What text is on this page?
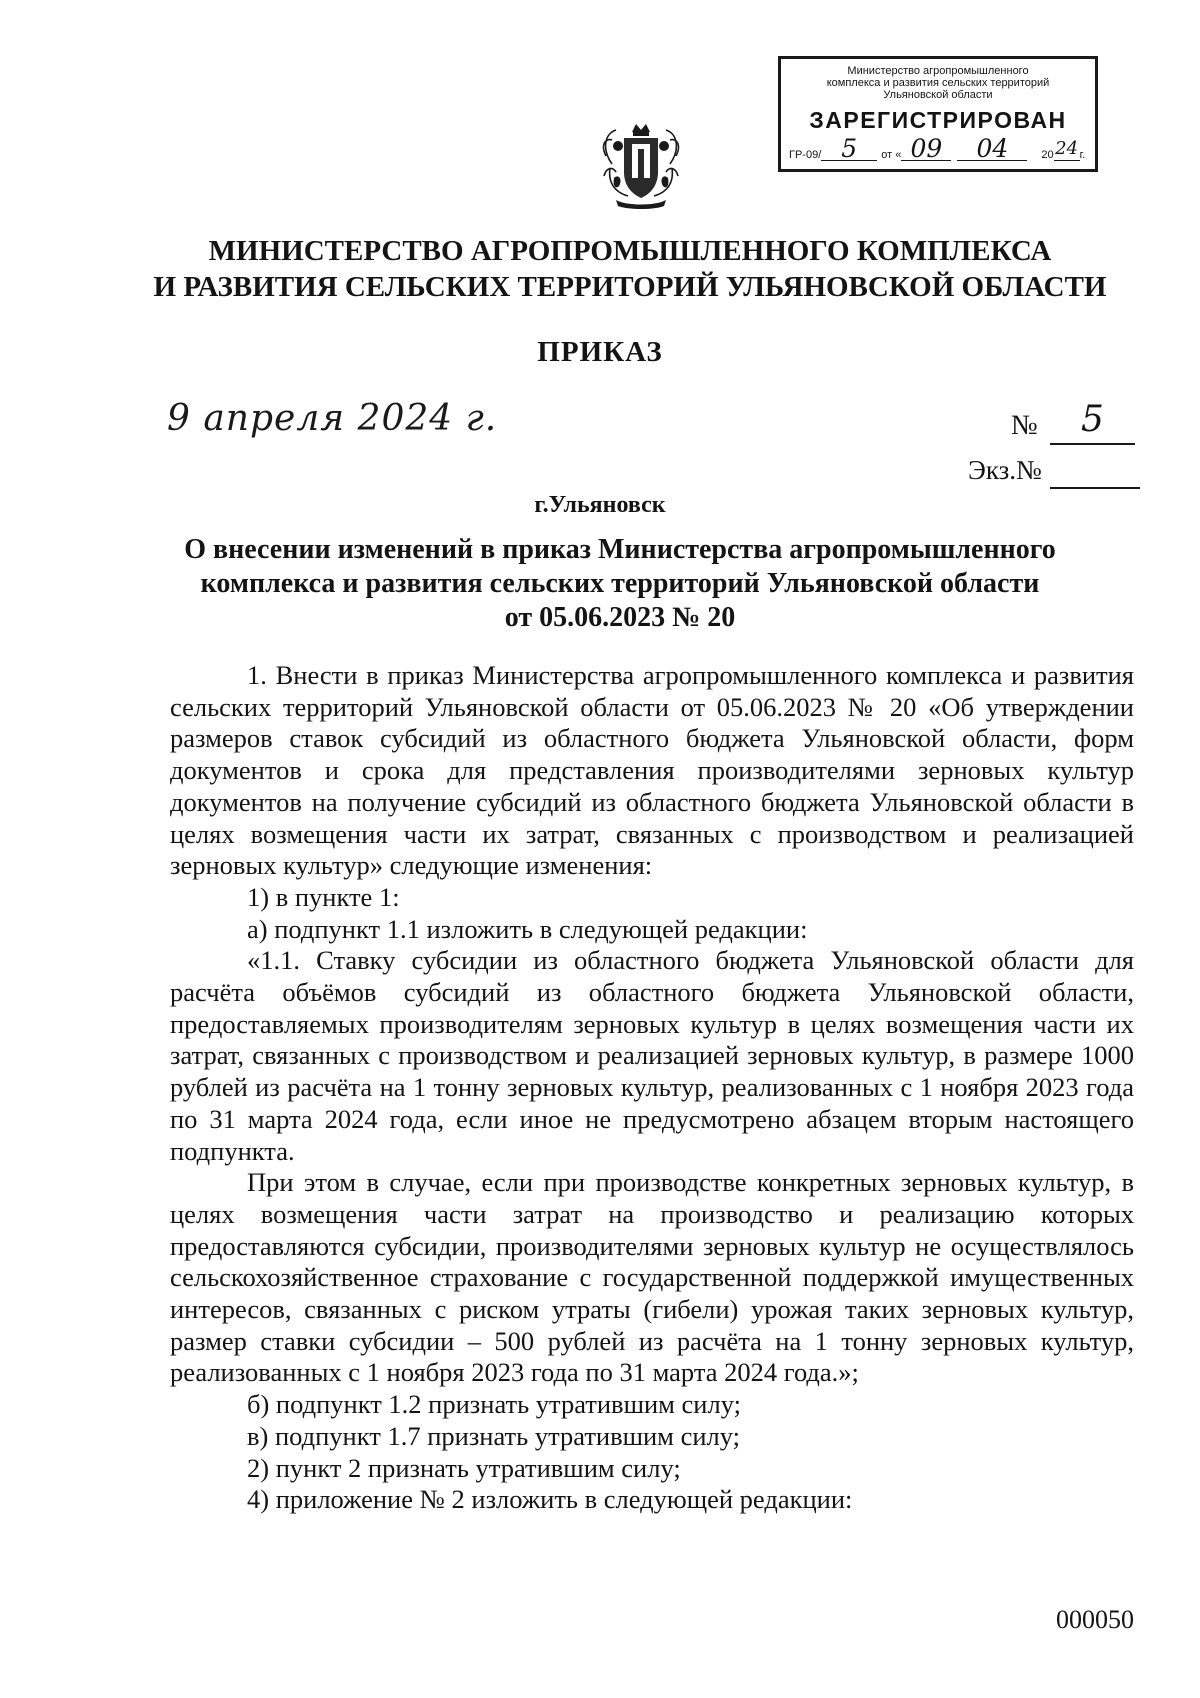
Министерство агропромышленного
комплекса и развития сельских территорий
Ульяновской области
ЗАРЕГИСТРИРОВАН
ГР-09/ 5	от « 09	04	20 24 г.
МИНИСТЕРСТВО АГРОПРОМЫШЛЕННОГО КОМПЛЕКСА
И РАЗВИТИЯ СЕЛЬСКИХ ТЕРРИТОРИЙ УЛЬЯНОВСКОЙ ОБЛАСТИ
ПРИКАЗ
9 апреля 2024 г.	№	5
Экз.№
г.Ульяновск
О внесении изменений в приказ Министерства агропромышленного
комплекса и развития сельских территорий Ульяновской области
от 05.06.2023 № 20

1. Внести в приказ Министерства агропромышленного комплекса и развития сельских территорий Ульяновской области от 05.06.2023 № 20 «Об утверждении размеров ставок субсидий из областного бюджета Ульяновской области, форм документов и срока для представления производителями зерновых культур документов на получение субсидий из областного бюджета Ульяновской области в целях возмещения части их затрат, связанных с производством и реализацией зерновых культур» следующие изменения:

1) в пункте 1:

а) подпункт 1.1 изложить в следующей редакции:

«1.1. Ставку субсидии из областного бюджета Ульяновской области для расчёта объёмов субсидий из областного бюджета Ульяновской области, предоставляемых производителям зерновых культур в целях возмещения части их затрат, связанных с производством и реализацией зерновых культур, в размере 1000 рублей из расчёта на 1 тонну зерновых культур, реализованных с 1 ноября 2023 года по 31 марта 2024 года, если иное не предусмотрено абзацем вторым настоящего подпункта.

При этом в случае, если при производстве конкретных зерновых культур, в целях возмещения части затрат на производство и реализацию которых предоставляются субсидии, производителями зерновых культур не осуществлялось сельскохозяйственное страхование с государственной поддержкой имущественных интересов, связанных с риском утраты (гибели) урожая таких зерновых культур, размер ставки субсидии – 500 рублей из расчёта на 1 тонну зерновых культур, реализованных с 1 ноября 2023 года по 31 марта 2024 года.»;

б) подпункт 1.2 признать утратившим силу;

в) подпункт 1.7 признать утратившим силу;

2) пункт 2 признать утратившим силу;

4) приложение № 2 изложить в следующей редакции:

000050
